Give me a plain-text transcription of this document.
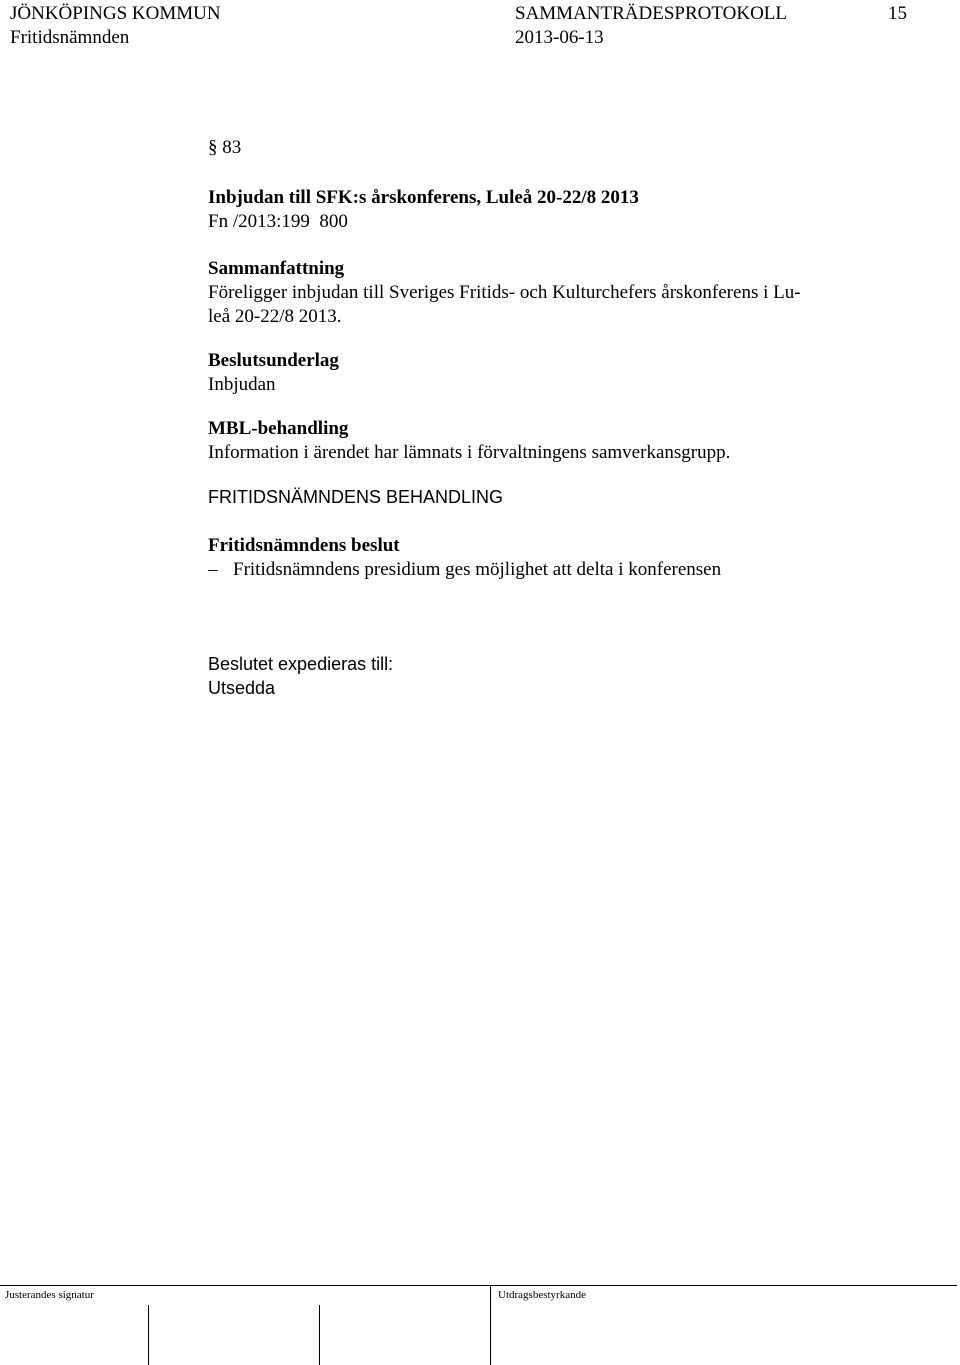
JÖNKÖPINGS KOMMUN	SAMMANTRÄDESPROTOKOLL	15
Fritidsnämnden	2013-06-13
§ 83
Inbjudan till SFK:s årskonferens, Luleå 20-22/8 2013
Fn /2013:199  800
Sammanfattning
Föreligger inbjudan till Sveriges Fritids- och Kulturchefers årskonferens i Lu-
leå 20-22/8 2013.
Beslutsunderlag
Inbjudan
MBL-behandling
Information i ärendet har lämnats i förvaltningens samverkansgrupp.
FRITIDSNÄMNDENS BEHANDLING
Fritidsnämndens beslut
– Fritidsnämndens presidium ges möjlighet att delta i konferensen
Beslutet expedieras till:
Utsedda
Justerandes signatur	Utdragsbestyrkande
